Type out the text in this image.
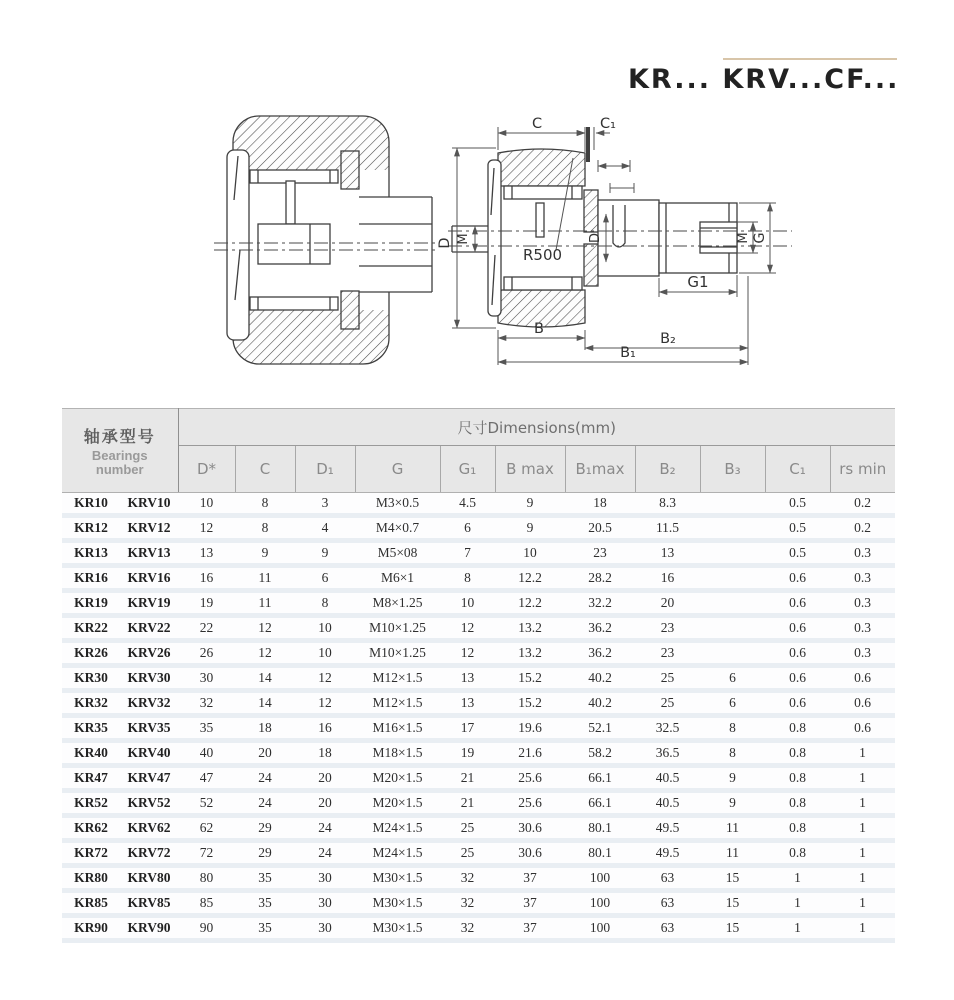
KR... KRV...CF...
C	C₁
D M
R500
D
G1
M G
B
B₂
B₁
轴承型号
Bearings number		尺寸Dimensions(mm)										
		D*	C	D₁	G	G₁	B max	B₁max	B₂	B₃	C₁	rs min
KR10	KRV10	10	8	3	M3×0.5	4.5	9	18	8.3		0.5	0.2
KR12	KRV12	12	8	4	M4×0.7	6	9	20.5	11.5		0.5	0.2
KR13	KRV13	13	9	9	M5×08	7	10	23	13		0.5	0.3
KR16	KRV16	16	11	6	M6×1	8	12.2	28.2	16		0.6	0.3
KR19	KRV19	19	11	8	M8×1.25	10	12.2	32.2	20		0.6	0.3
KR22	KRV22	22	12	10	M10×1.25	12	13.2	36.2	23		0.6	0.3
KR26	KRV26	26	12	10	M10×1.25	12	13.2	36.2	23		0.6	0.3
KR30	KRV30	30	14	12	M12×1.5	13	15.2	40.2	25	6	0.6	0.6
KR32	KRV32	32	14	12	M12×1.5	13	15.2	40.2	25	6	0.6	0.6
KR35	KRV35	35	18	16	M16×1.5	17	19.6	52.1	32.5	8	0.8	0.6
KR40	KRV40	40	20	18	M18×1.5	19	21.6	58.2	36.5	8	0.8	1
KR47	KRV47	47	24	20	M20×1.5	21	25.6	66.1	40.5	9	0.8	1
KR52	KRV52	52	24	20	M20×1.5	21	25.6	66.1	40.5	9	0.8	1
KR62	KRV62	62	29	24	M24×1.5	25	30.6	80.1	49.5	11	0.8	1
KR72	KRV72	72	29	24	M24×1.5	25	30.6	80.1	49.5	11	0.8	1
KR80	KRV80	80	35	30	M30×1.5	32	37	100	63	15	1	1
KR85	KRV85	85	35	30	M30×1.5	32	37	100	63	15	1	1
KR90	KRV90	90	35	30	M30×1.5	32	37	100	63	15	1	1
